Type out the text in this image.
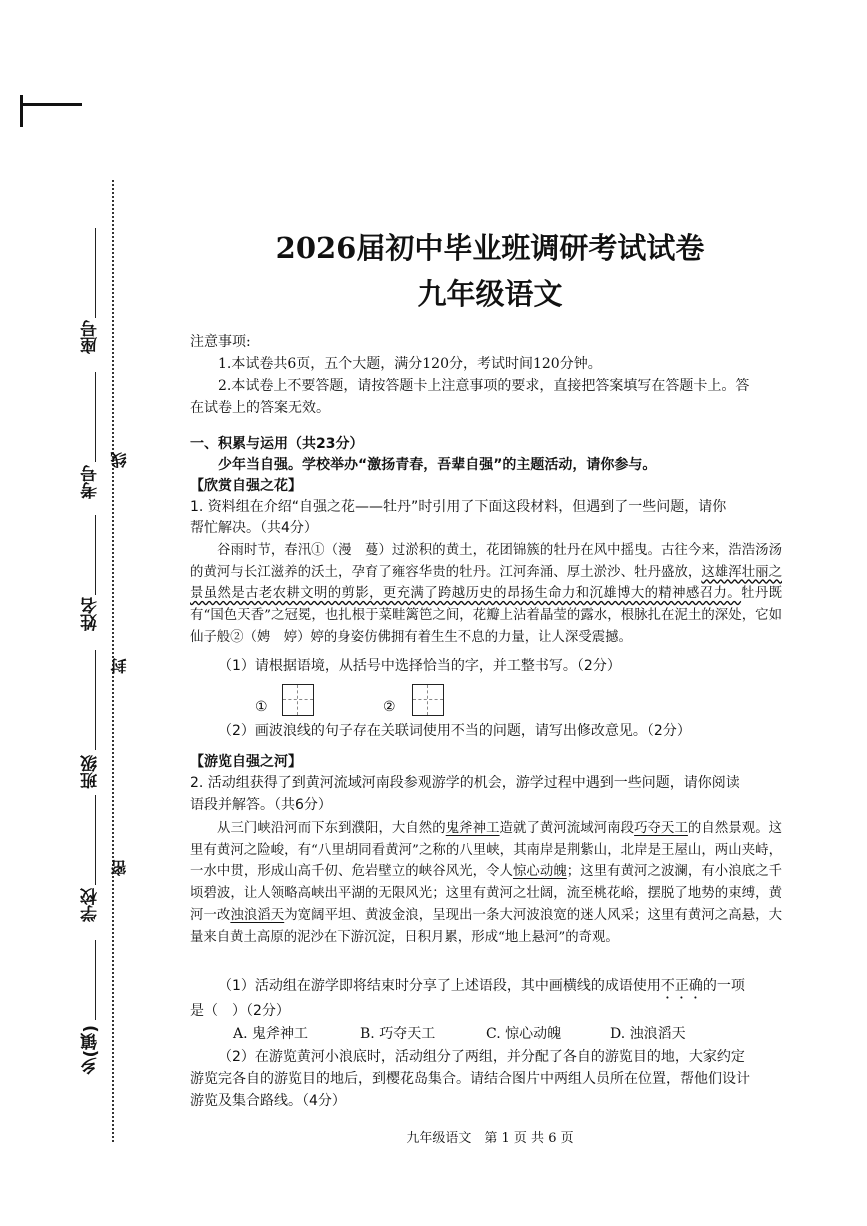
座号
考号
姓名
班级
学校
乡(镇)
线
封
密
2026届初中毕业班调研考试试卷
九年级语文
注意事项:
1.本试卷共6页，五个大题，满分120分，考试时间120分钟。
2.本试卷上不要答题，请按答题卡上注意事项的要求，直接把答案填写在答题卡上。答
在试卷上的答案无效。
一、积累与运用（共23分）
少年当自强。学校举办“激扬青春，吾辈自强”的主题活动，请你参与。
【欣赏自强之花】
1. 资料组在介绍“自强之花——牡丹”时引用了下面这段材料，但遇到了一些问题，请你
帮忙解决。（共4分）
谷雨时节，春汛①（漫　蔓）过淤积的黄土，花团锦簇的牡丹在风中摇曳。古往今来，浩浩汤汤的黄河与长江滋养的沃土，孕育了雍容华贵的牡丹。江河奔涌、厚土淤沙、牡丹盛放，这雄浑壮丽之景虽然是古老农耕文明的剪影，更充满了跨越历史的昂扬生命力和沉雄博大的精神感召力。牡丹既有“国色天香”之冠冕，也扎根于菜畦篱笆之间，花瓣上沾着晶莹的露水，根脉扎在泥土的深处，它如仙子般②（娉　婷）婷的身姿仿佛拥有着生生不息的力量，让人深受震撼。
（1）请根据语境，从括号中选择恰当的字，并工整书写。（2分）
①	②
（2）画波浪线的句子存在关联词使用不当的问题，请写出修改意见。（2分）
【游览自强之河】
2. 活动组获得了到黄河流域河南段参观游学的机会，游学过程中遇到一些问题，请你阅读
语段并解答。（共6分）
从三门峡沿河而下东到濮阳，大自然的鬼斧神工造就了黄河流域河南段巧夺天工的自然景观。这里有黄河之险峻，有“八里胡同看黄河”之称的八里峡，其南岸是荆紫山，北岸是王屋山，两山夹峙，一水中贯，形成山高千仞、危岩壁立的峡谷风光，令人惊心动魄；这里有黄河之波澜，有小浪底之千顷碧波，让人领略高峡出平湖的无限风光；这里有黄河之壮阔，流至桃花峪，摆脱了地势的束缚，黄河一改浊浪滔天为宽阔平坦、黄波金浪，呈现出一条大河波浪宽的迷人风采；这里有黄河之高悬，大量来自黄土高原的泥沙在下游沉淀，日积月累，形成“地上悬河”的奇观。
（1）活动组在游学即将结束时分享了上述语段，其中画横线的成语使用不正确的一项
是（　）（2分）
A. 鬼斧神工	B. 巧夺天工	C. 惊心动魄	D. 浊浪滔天
（2）在游览黄河小浪底时，活动组分了两组，并分配了各自的游览目的地，大家约定
游览完各自的游览目的地后，到樱花岛集合。请结合图片中两组人员所在位置，帮他们设计
游览及集合路线。（4分）
九年级语文　第 1 页 共 6 页
